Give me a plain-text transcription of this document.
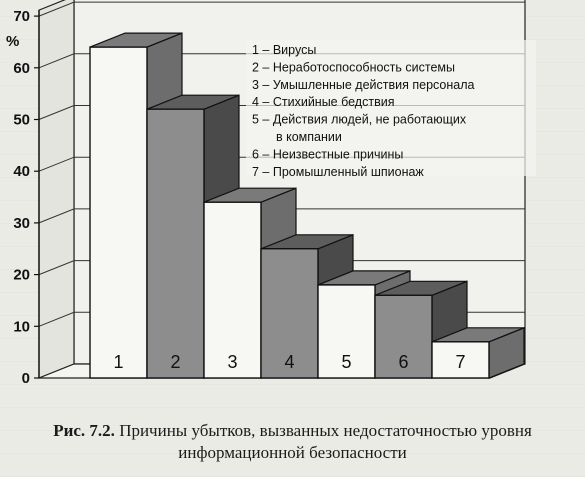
0
10
20
30
40
50
60
70
%
1	2	3	4	5	6	7
1 – Вирусы
2 – Неработоспособность системы
3 – Умышленные действия персонала
4 – Стихийные бедствия
5 – Действия людей, не работающих
в компании
6 – Неизвестные причины
7 – Промышленный шпионаж
Рис. 7.2. Причины убытков, вызванных недостаточностью уровня
информационной безопасности
